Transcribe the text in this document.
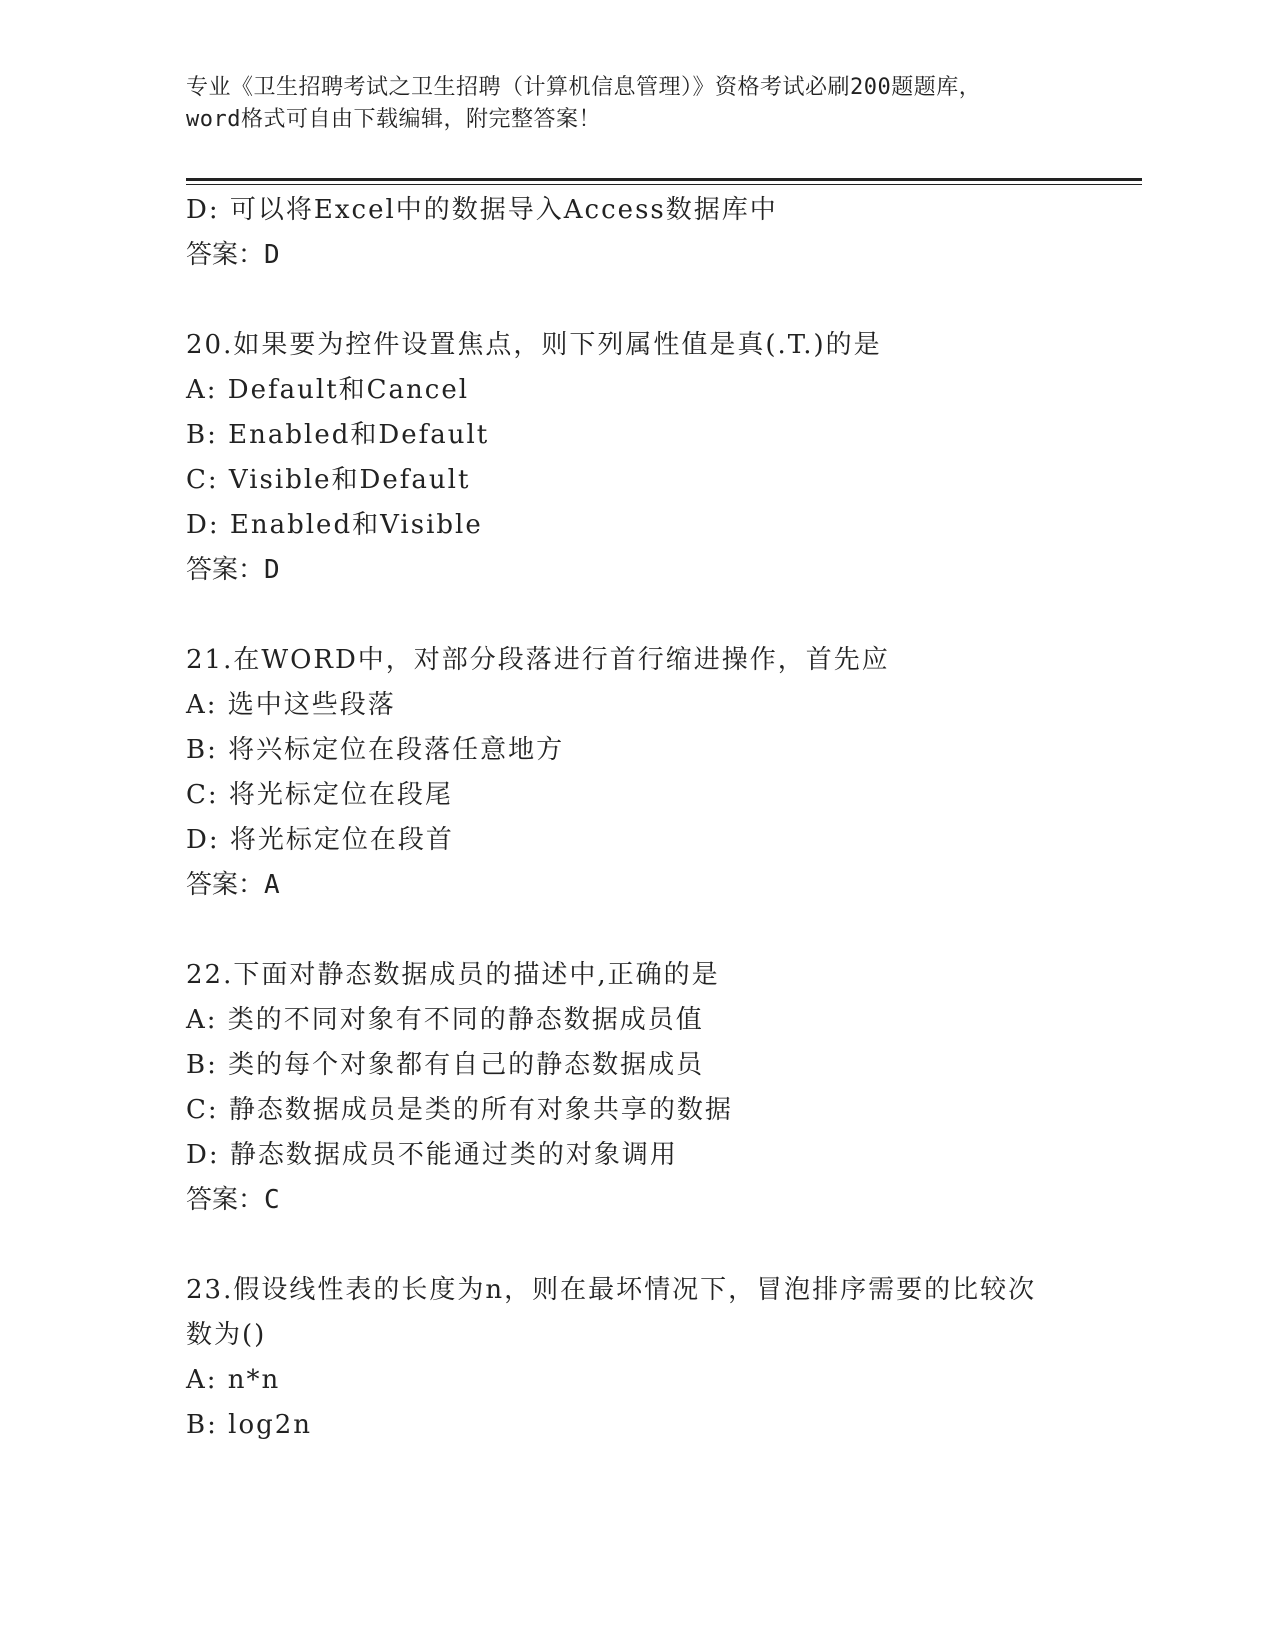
专业《卫生招聘考试之卫生招聘（计算机信息管理）》资格考试必刷200题题库，
word格式可自由下载编辑，附完整答案！
D: 可以将Excel中的数据导入Access数据库中
答案：D
20.如果要为控件设置焦点，则下列属性值是真(.T.)的是
A: Default和Cancel
B: Enabled和Default
C: Visible和Default
D: Enabled和Visible
答案：D
21.在WORD中，对部分段落进行首行缩进操作，首先应
A: 选中这些段落
B: 将兴标定位在段落任意地方
C: 将光标定位在段尾
D: 将光标定位在段首
答案：A
22.下面对静态数据成员的描述中,正确的是
A: 类的不同对象有不同的静态数据成员值
B: 类的每个对象都有自己的静态数据成员
C: 静态数据成员是类的所有对象共享的数据
D: 静态数据成员不能通过类的对象调用
答案：C
23.假设线性表的长度为n，则在最坏情况下，冒泡排序需要的比较次
数为()
A: n*n
B: log2n
